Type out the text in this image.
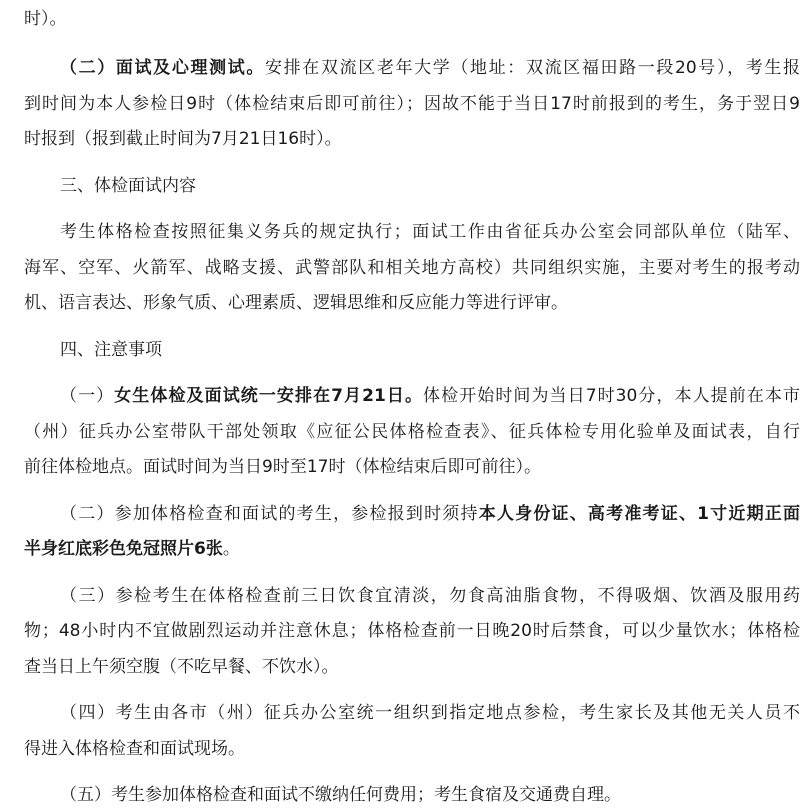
时）。
（二）面试及心理测试。安排在双流区老年大学（地址：双流区福田路一段20号），考生报
到时间为本人参检日9时（体检结束后即可前往）；因故不能于当日17时前报到的考生，务于翌日9
时报到（报到截止时间为7月21日16时）。
三、体检面试内容
考生体格检查按照征集义务兵的规定执行；面试工作由省征兵办公室会同部队单位（陆军、
海军、空军、火箭军、战略支援、武警部队和相关地方高校）共同组织实施，主要对考生的报考动
机、语言表达、形象气质、心理素质、逻辑思维和反应能力等进行评审。
四、注意事项
（一）女生体检及面试统一安排在7月21日。体检开始时间为当日7时30分，本人提前在本市
（州）征兵办公室带队干部处领取《应征公民体格检查表》、征兵体检专用化验单及面试表，自行
前往体检地点。面试时间为当日9时至17时（体检结束后即可前往）。
（二）参加体格检查和面试的考生，参检报到时须持本人身份证、高考准考证、1寸近期正面
半身红底彩色免冠照片6张。
（三）参检考生在体格检查前三日饮食宜清淡，勿食高油脂食物，不得吸烟、饮酒及服用药
物；48小时内不宜做剧烈运动并注意休息；体格检查前一日晚20时后禁食，可以少量饮水；体格检
查当日上午须空腹（不吃早餐、不饮水）。
（四）考生由各市（州）征兵办公室统一组织到指定地点参检，考生家长及其他无关人员不
得进入体格检查和面试现场。
（五）考生参加体格检查和面试不缴纳任何费用；考生食宿及交通费自理。
